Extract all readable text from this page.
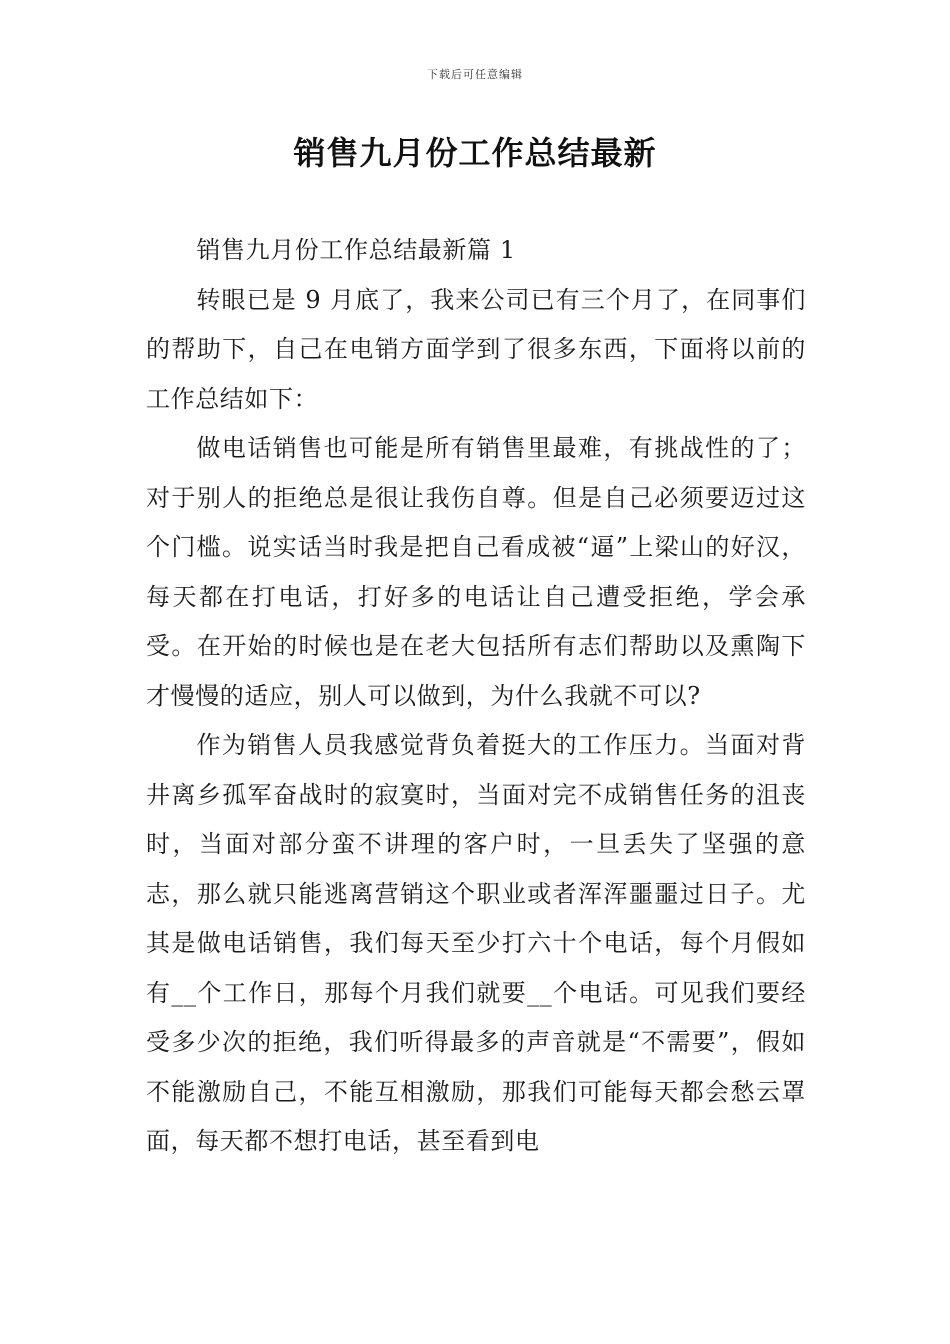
下载后可任意编辑
销售九月份工作总结最新

销售九月份工作总结最新篇 1

转眼已是 9 月底了，我来公司已有三个月了，在同事们的帮助下，自己在电销方面学到了很多东西，下面将以前的工作总结如下：

做电话销售也可能是所有销售里最难，有挑战性的了；对于别人的拒绝总是很让我伤自尊。但是自己必须要迈过这个门槛。说实话当时我是把自己看成被“逼”上梁山的好汉，每天都在打电话，打好多的电话让自己遭受拒绝，学会承受。在开始的时候也是在老大包括所有志们帮助以及熏陶下才慢慢的适应，别人可以做到，为什么我就不可以?

作为销售人员我感觉背负着挺大的工作压力。当面对背井离乡孤军奋战时的寂寞时，当面对完不成销售任务的沮丧时，当面对部分蛮不讲理的客户时，一旦丢失了坚强的意志，那么就只能逃离营销这个职业或者浑浑噩噩过日子。尤其是做电话销售，我们每天至少打六十个电话，每个月假如有__个工作日，那每个月我们就要__个电话。可见我们要经受多少次的拒绝，我们听得最多的声音就是“不需要”，假如不能激励自己，不能互相激励，那我们可能每天都会愁云罩面，每天都不想打电话，甚至看到电
